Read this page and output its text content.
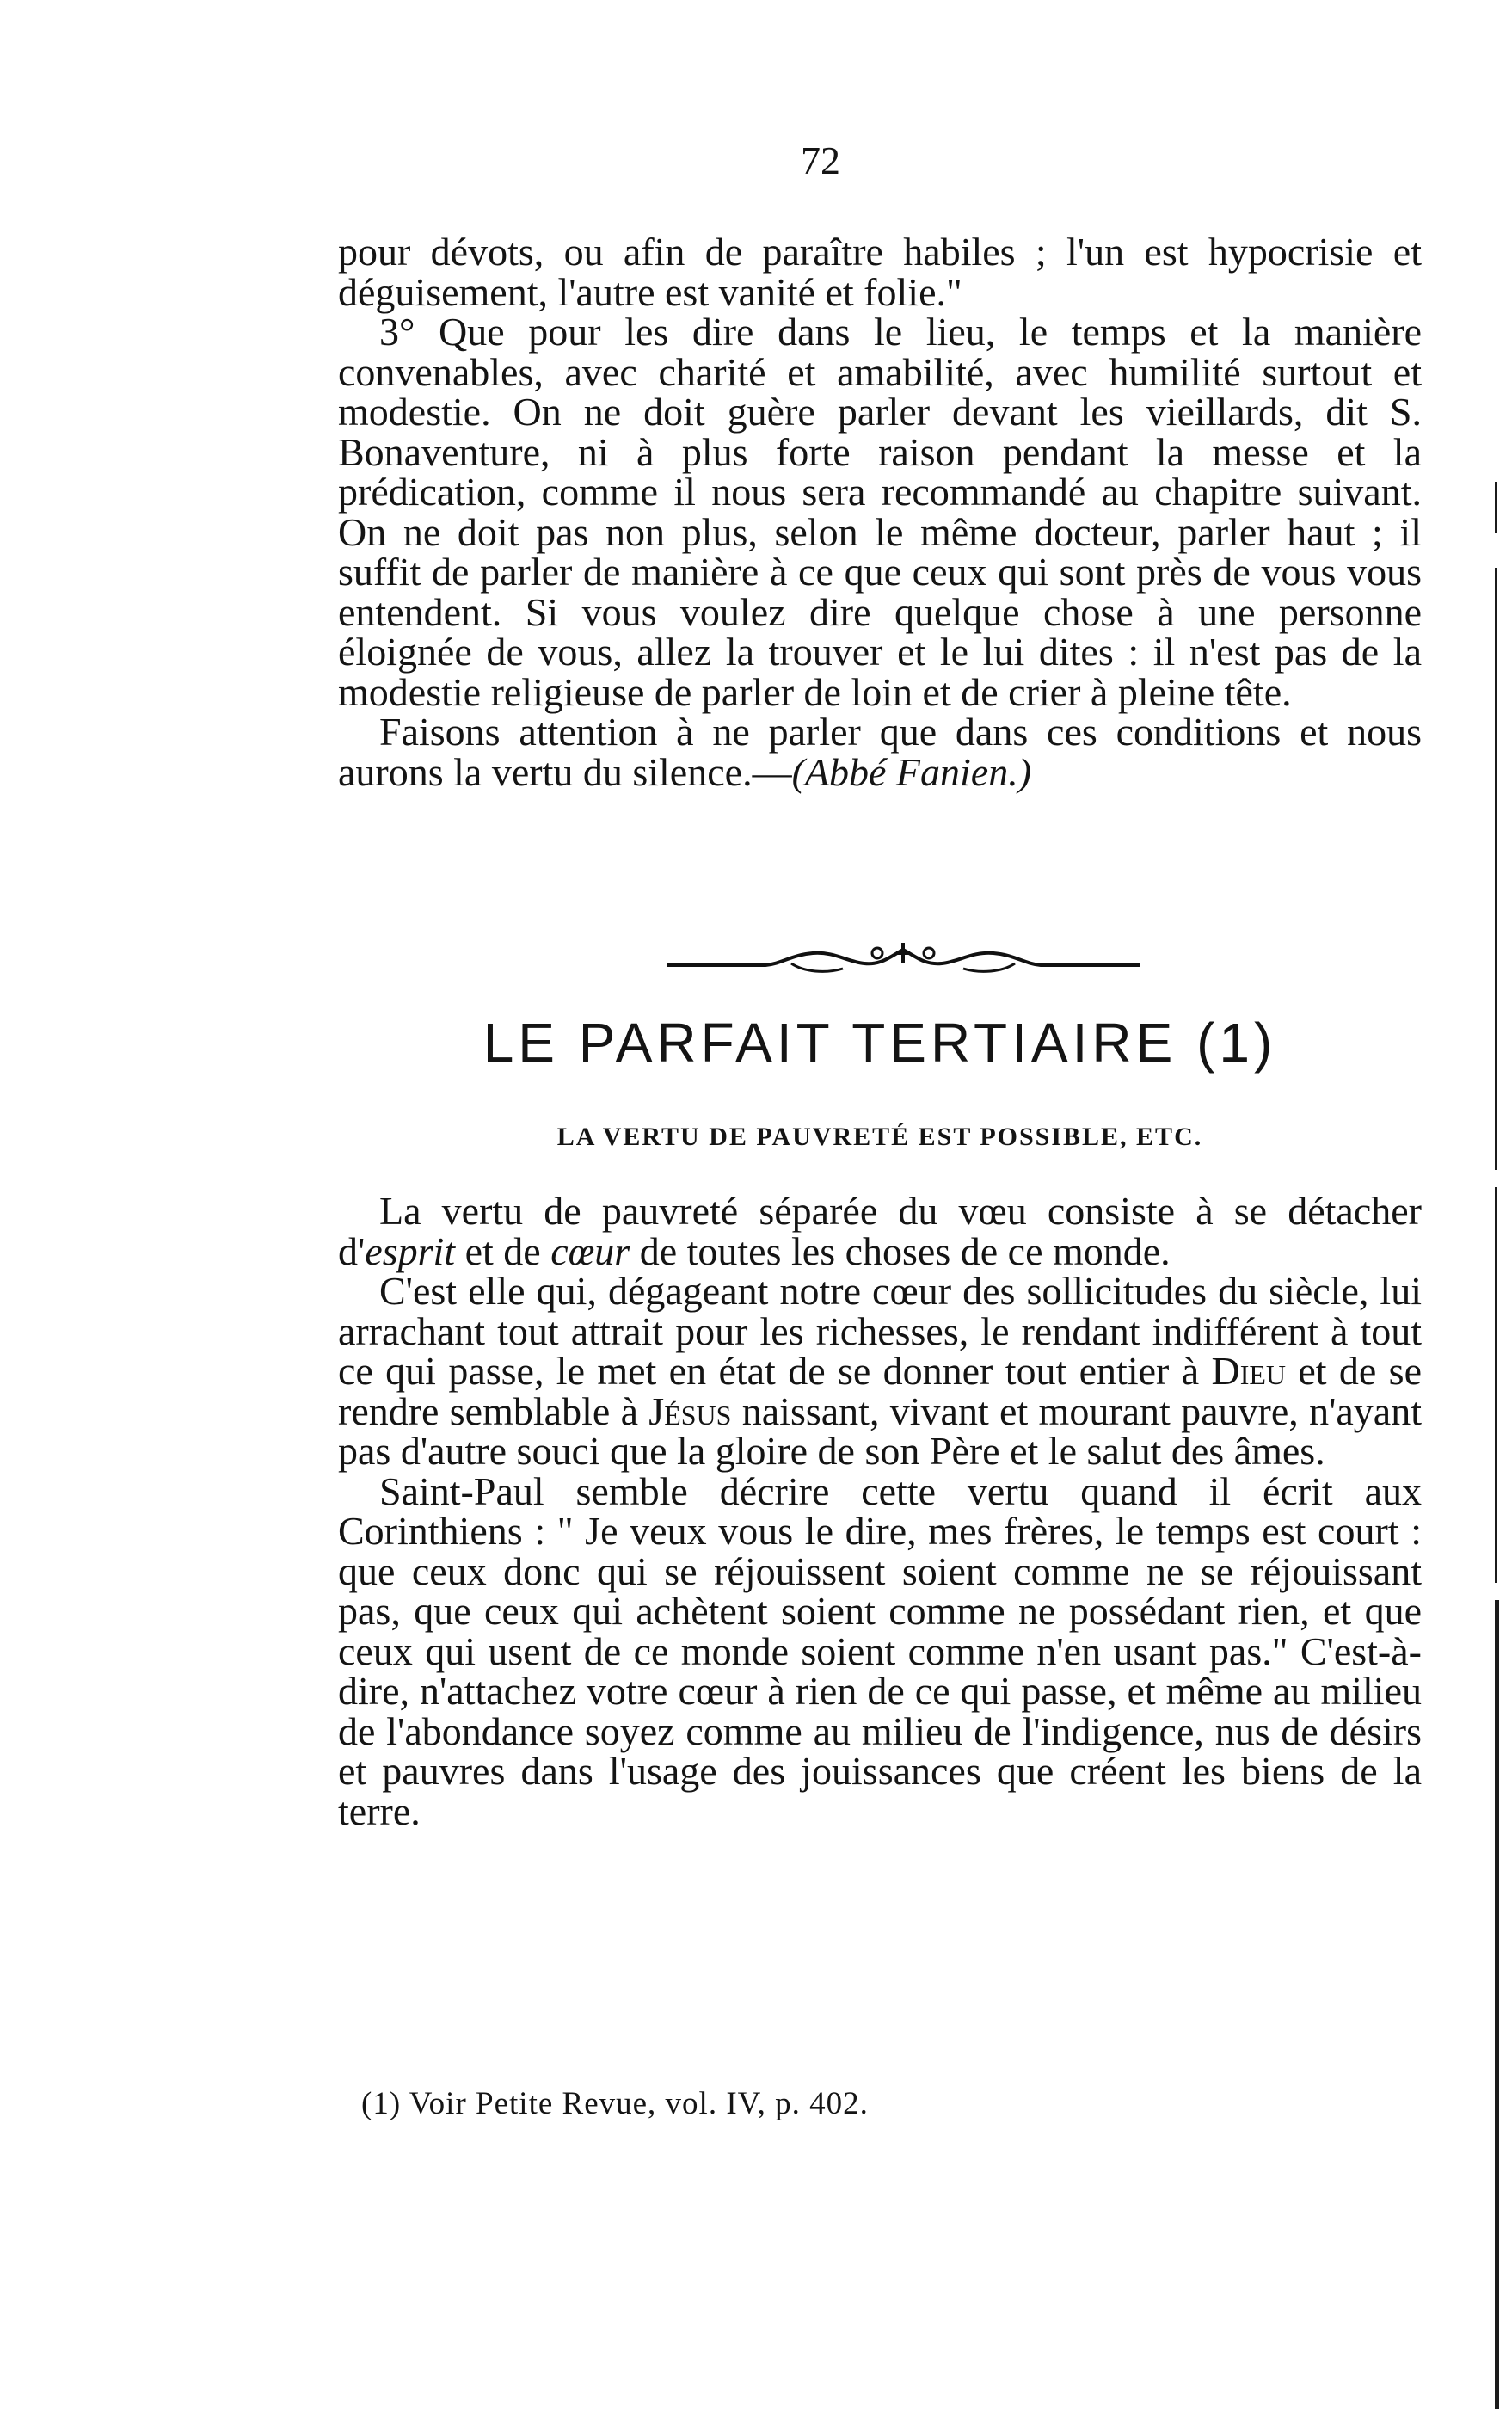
72

pour dévots, ou afin de paraître habiles ; l'un est hypocrisie et déguisement, l'autre est vanité et folie."

3° Que pour les dire dans le lieu, le temps et la manière convenables, avec charité et amabilité, avec humilité surtout et modestie. On ne doit guère parler devant les vieillards, dit S. Bonaventure, ni à plus forte raison pendant la messe et la prédication, comme il nous sera recommandé au chapitre suivant. On ne doit pas non plus, selon le même docteur, parler haut ; il suffit de parler de manière à ce que ceux qui sont près de vous vous entendent. Si vous voulez dire quelque chose à une personne éloignée de vous, allez la trouver et le lui dites : il n'est pas de la modestie religieuse de parler de loin et de crier à pleine tête.

Faisons attention à ne parler que dans ces conditions et nous aurons la vertu du silence.—(Abbé Fanien.)

LE PARFAIT TERTIAIRE (1)
LA VERTU DE PAUVRETÉ EST POSSIBLE, ETC.

La vertu de pauvreté séparée du vœu consiste à se détacher d'esprit et de cœur de toutes les choses de ce monde.

C'est elle qui, dégageant notre cœur des sollicitudes du siècle, lui arrachant tout attrait pour les richesses, le rendant indifférent à tout ce qui passe, le met en état de se donner tout entier à Dieu et de se rendre semblable à Jésus naissant, vivant et mourant pauvre, n'ayant pas d'autre souci que la gloire de son Père et le salut des âmes.

Saint-Paul semble décrire cette vertu quand il écrit aux Corinthiens : " Je veux vous le dire, mes frères, le temps est court : que ceux donc qui se réjouissent soient comme ne se réjouissant pas, que ceux qui achètent soient comme ne possédant rien, et que ceux qui usent de ce monde soient comme n'en usant pas." C'est-à-dire, n'attachez votre cœur à rien de ce qui passe, et même au milieu de l'abondance soyez comme au milieu de l'indigence, nus de désirs et pauvres dans l'usage des jouissances que créent les biens de la terre.

(1) Voir Petite Revue, vol. IV, p. 402.
